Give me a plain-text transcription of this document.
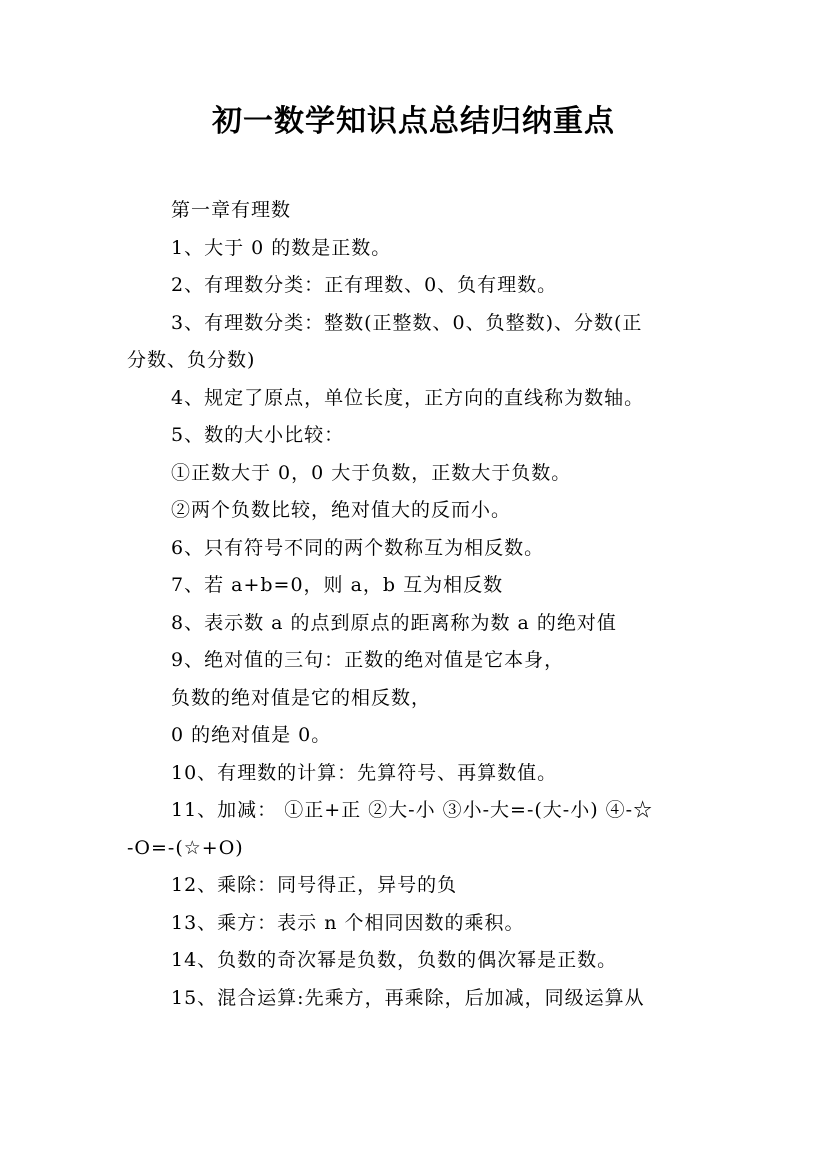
初一数学知识点总结归纳重点
第一章有理数
1、大于 0 的数是正数。
2、有理数分类：正有理数、0、负有理数。
3、有理数分类：整数(正整数、0、负整数)、分数(正
分数、负分数)
4、规定了原点，单位长度，正方向的直线称为数轴。
5、数的大小比较：
①正数大于 0，0 大于负数，正数大于负数。
②两个负数比较，绝对值大的反而小。
6、只有符号不同的两个数称互为相反数。
7、若 a+b=0，则 a，b 互为相反数
8、表示数 a 的点到原点的距离称为数 a 的绝对值
9、绝对值的三句：正数的绝对值是它本身，
负数的绝对值是它的相反数，
0 的绝对值是 0。
10、有理数的计算：先算符号、再算数值。
11、加减： ①正+正 ②大-小 ③小-大=-(大-小) ④-☆
-O=-(☆+O)
12、乘除：同号得正，异号的负
13、乘方：表示 n 个相同因数的乘积。
14、负数的奇次幂是负数，负数的偶次幂是正数。
15、混合运算:先乘方，再乘除，后加减，同级运算从
